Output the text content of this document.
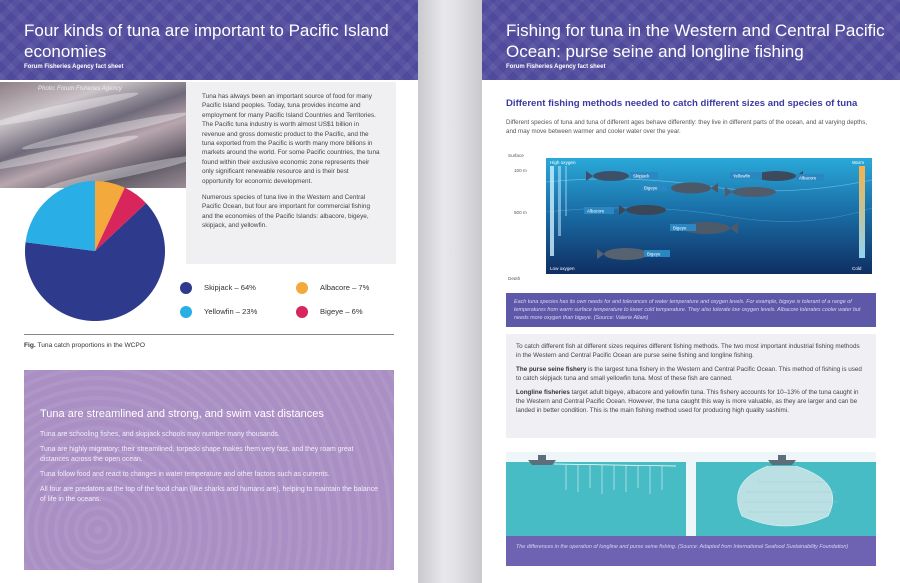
Four kinds of tuna are important to Pacific Island economies
Forum Fisheries Agency fact sheet
Photo: Forum Fisheries Agency

Tuna has always been an important source of food for many Pacific Island peoples. Today, tuna provides income and employment for many Pacific Island Countries and Territories. The Pacific tuna industry is worth almost US$1 billion in revenue and gross domestic product to the Pacific, and the tuna exported from the Pacific is worth many more billions in markets around the world. For some Pacific countries, the tuna found within their exclusive economic zone represents their only significant renewable resource and is their best opportunity for economic development.

Numerous species of tuna live in the Western and Central Pacific Ocean, but four are important for commercial fishing and the economies of the Pacific Islands: albacore, bigeye, skipjack, and yellowfin.

Skipjack – 64%	Albacore – 7%
Yellowfin – 23%	Bigeye – 6%
Fig. Tuna catch proportions in the WCPO
Tuna are streamlined and strong, and swim vast distances

Tuna are schooling fishes, and skipjack schools may number many thousands.

Tuna are highly migratory: their streamlined, torpedo shape makes them very fast, and they roam great distances across the open ocean.

Tuna follow food and react to changes in water temperature and other factors such as currents.

All four are predators at the top of the food chain (like sharks and humans are), helping to maintain the balance of life in the oceans.

Fishing for tuna in the Western and Central Pacific Ocean: purse seine and longline fishing
Forum Fisheries Agency fact sheet
Different fishing methods needed to catch different sizes and species of tuna
Different species of tuna and tuna of different ages behave differently: they live in different parts of the ocean, and at varying depths, and may move between warmer and cooler water over the year.
Surface
100 m
500 m
Depth
High oxygen
Low oxygen
Warm
Cold
Skipjack	Yellowfin
Bigeye
Albacore
Albacore
Bigeye
Bigeye

Each tuna species has its own needs for and tolerances of water temperature and oxygen levels. For example, bigeye is tolerant of a range of temperatures from warm surface temperature to lower cold temperature. They also tolerate low oxygen levels. Albacore tolerates cooler water but needs more oxygen than bigeye. (Source: Valerie Allain)

To catch different fish at different sizes requires different fishing methods. The two most important industrial fishing methods in the Western and Central Pacific Ocean are purse seine fishing and longline fishing.

The purse seine fishery is the largest tuna fishery in the Western and Central Pacific Ocean. This method of fishing is used to catch skipjack tuna and small yellowfin tuna. Most of these fish are canned.

Longline fisheries target adult bigeye, albacore and yellowfin tuna. This fishery accounts for 10–13% of the tuna caught in the Western and Central Pacific Ocean. However, the tuna caught this way is more valuable, as they are larger and can be landed in better condition. This is the main fishing method used for producing high quality sashimi.

The differences in the operation of longline and purse seine fishing. (Source: Adapted from International Seafood Sustainability Foundation)
